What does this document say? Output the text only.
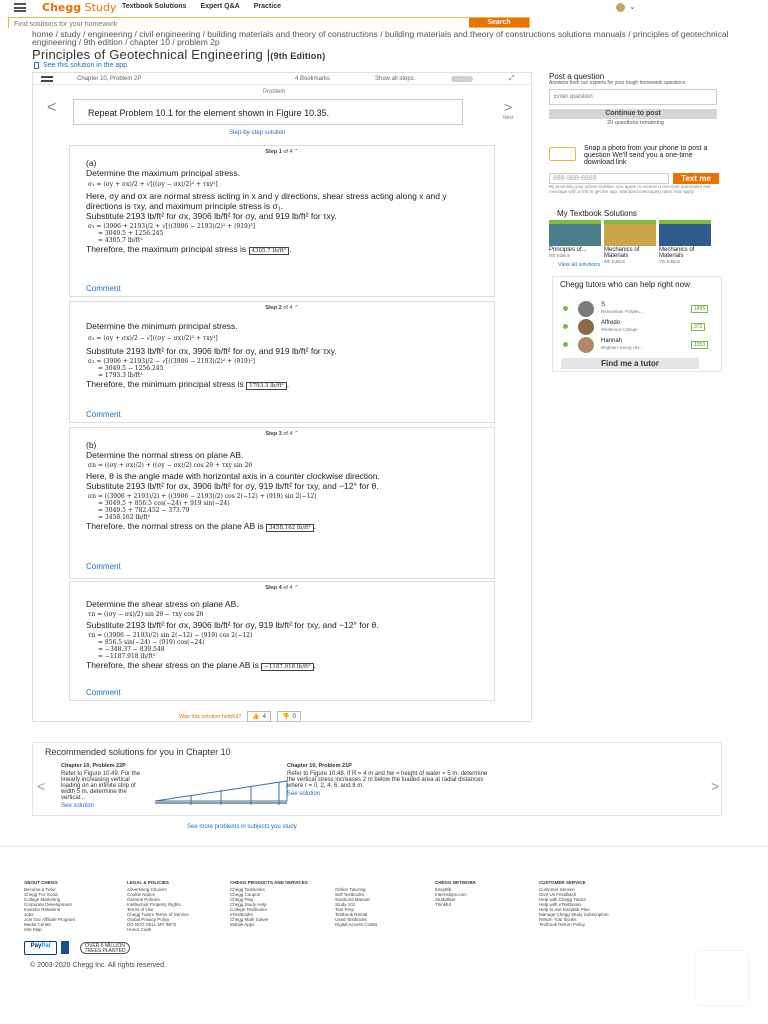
Chegg Study Textbook Solutions Expert Q&A Practice	⌄
Find solutions for your homework
Search
home / study / engineering / civil engineering / building materials and theory of constructions / building materials and theory of constructions solutions manuals / principles of geotechnical engineering / 9th edition / chapter 10 / problem 2p
Principles of Geotechnical Engineering |(9th Edition)
See this solution in the app
Chapter 10, Problem 2P	4 Bookmarks	Show all steps:	⤢
Problem
<	Repeat Problem 10.1 for the element shown in Figure 10.35.	>
Next
Step-by-step solution
Step 1 of 4 ⌃
(a)
Determine the maximum principal stress.
σ₁ = (σy + σx)/2 + √[((σy − σx)/2)² + τxy²]
Here, σy and σx are normal stress acting in x and y directions, shear stress acting along x and y directions is τxy, and maximum principle stress is σ₁.
Substitute 2193 lb/ft² for σx, 3906 lb/ft² for σy, and 919 lb/ft² for τxy.
σ₁ = (3906 + 2193)/2 + √[((3906 − 2193)/2)² + (919)²]
= 3049.5 + 1256.245
= 4305.7 lb/ft²
Therefore, the maximum principal stress is 4305.7 lb/ft² .
Comment
Step 2 of 4 ⌃
Determine the minimum principal stress.
σ₃ = (σy + σx)/2 − √[((σy − σx)/2)² + τxy²]
Substitute 2193 lb/ft² for σx, 3906 lb/ft² for σy, and 919 lb/ft² for τxy.
σ₃ = (3906 + 2193)/2 − √[((3906 − 2193)/2)² + (919)²]
= 3049.5 − 1256.245
= 1793.3 lb/ft²
Therefore, the minimum principal stress is 1793.3 lb/ft² .
Comment
Step 3 of 4 ⌃
(b)
Determine the normal stress on plane AB.
σn = ((σy + σx)/2) + ((σy − σx)/2) cos 2θ + τxy sin 2θ
Here, θ is the angle made with horizontal axis in a counter clockwise direction.
Substitute 2193 lb/ft² for σx, 3906 lb/ft² for σy, 919 lb/ft² for τxy, and −12° for θ.
σn = ((3906 + 2193)/2) + ((3906 − 2193)/2) cos 2(−12) + (919) sin 2(−12)
= 3049.5 + 856.5 cos(−24) + 919 sin(−24)
= 3049.5 + 782.452 − 373.79
= 3458.162 lb/ft²
Therefore, the normal stress on the plane AB is 3458.162 lb/ft² .
Comment
Step 4 of 4 ⌃
Determine the shear stress on plane AB.
τn = ((σy − σx)/2) sin 2θ − τxy cos 2θ
Substitute 2193 lb/ft² for σx, 3906 lb/ft² for σy, 919 lb/ft² for τxy, and −12° for θ.
τn = ((3906 − 2193)/2) sin 2(−12) − (919) cos 2(−12)
= 856.5 sin(−24) − (919) cos(−24)
= −348.37 − 839.548
= −1187.918 lb/ft²
Therefore, the shear stress on the plane AB is −1187.918 lb/ft² .
Comment
Was this solution helpful? 👍 4	👎 0
Post a question
Answers from our experts for your tough homework questions
Enter question
Continue to post
20 questions remaining
Snap a photo from your phone to post a question We'll send you a one-time download link
888-888-8888	Text me
By providing your phone number, you agree to receive a one-time automated text message with a link to get the app. Standard messaging rates may apply.
My Textbook Solutions
Principles of...
9th Edition
Mechanics of Materials
9th Edition
Mechanics of Materials
7th Edition
View all solutions
Chegg tutors who can help right now
S
Rensselaer Polytec...	1455
Alfredo
Westmont College	372
Hannah
Brigham Young Uni...	1053
Find me a tutor
Recommended solutions for you in Chapter 10
<
Chapter 10, Problem 22P
Refer to Figure 10.49. For the linearly increasing vertical loading on an infinite strip of width 5 m, determine the vertical...
See solution
Chapter 10, Problem 21P
Refer to Figure 10.48. If R = 4 m and hw = height of water = 5 m, determine the vertical stress increases 2 m below the loaded area at radial distances where r = 0, 2, 4, 6, and 8 m.
See solution	>
See more problems in subjects you study
ABOUT CHEGG
Become a Tutor
Chegg For Good
College Marketing
Corporate Development
Investor Relations
Jobs
Join Our Affiliate Program
Media Center
Site Map
LEGAL & POLICIES
Advertising Choices
Cookie Notice
General Policies
Intellectual Property Rights
Terms of Use
Chegg Tutors Terms of Service
Global Privacy Policy
DO NOT SELL MY INFO
Honor Code
CHEGG PRODUCTS AND SERVICES
Chegg Textbooks
Chegg Coupon
Chegg Play
Chegg Study Help
College Textbooks
eTextbooks
Chegg Math Solver
Mobile Apps
Online Tutoring
Sell Textbooks
Solutions Manual
Study 101
Test Prep
Textbook Rental
Used Textbooks
Digital Access Codes
CHEGG NETWORK
EasyBib
Internships.com
StudyBlue
Thinkful
CUSTOMER SERVICE
Customer Service
Give Us Feedback
Help with Chegg Tutors
Help with eTextbooks
Help to use EasyBib Plus
Manage Chegg Study Subscription
Return Your Books
Textbook Return Policy
PayPal	OVER 6 MILLION TREES PLANTED
© 2003-2020 Chegg Inc. All rights reserved.
